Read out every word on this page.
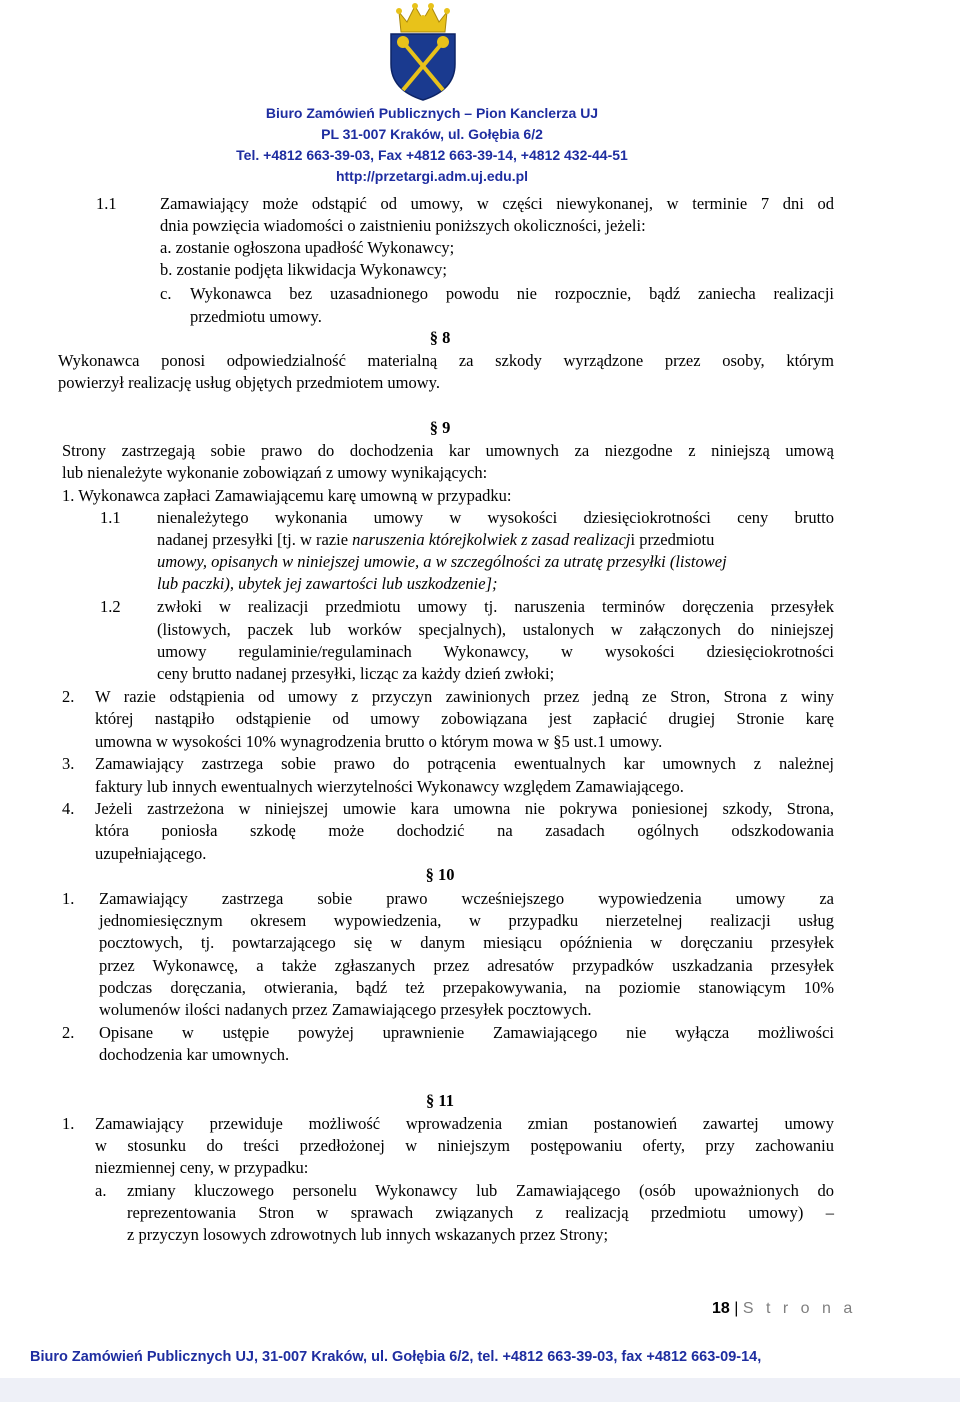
Biuro Zamówień Publicznych – Pion Kanclerza UJ
PL 31-007 Kraków, ul. Gołębia 6/2
Tel. +4812 663-39-03, Fax +4812 663-39-14, +4812 432-44-51
http://przetargi.adm.uj.edu.pl
1.1	Zamawiający może odstąpić od umowy, w części niewykonanej, w terminie 7 dni od
dnia powzięcia wiadomości o zaistnieniu poniższych okoliczności, jeżeli:
a. zostanie ogłoszona upadłość Wykonawcy;
b. zostanie podjęta likwidacja Wykonawcy;
c. Wykonawca bez uzasadnionego powodu nie rozpocznie, bądź zaniecha realizacji
przedmiotu umowy.
§ 8
Wykonawca ponosi odpowiedzialność materialną za szkody wyrządzone przez osoby, którym
powierzył realizację usług objętych przedmiotem umowy.
§ 9
Strony zastrzegają sobie prawo do dochodzenia kar umownych za niezgodne z niniejszą umową
lub nienależyte wykonanie zobowiązań z umowy wynikających:
1. Wykonawca zapłaci Zamawiającemu karę umowną w przypadku:
1.1 nienależytego wykonania umowy w wysokości dziesięciokrotności ceny brutto
nadanej przesyłki [tj. w razie naruszenia którejkolwiek z zasad realizacji przedmiotu
umowy, opisanych w niniejszej umowie, a w szczególności za utratę przesyłki (listowej
lub paczki), ubytek jej zawartości lub uszkodzenie];
1.2 zwłoki w realizacji przedmiotu umowy tj. naruszenia terminów doręczenia przesyłek
(listowych, paczek lub worków specjalnych), ustalonych w załączonych do niniejszej
umowy regulaminie/regulaminach Wykonawcy, w wysokości dziesięciokrotności
ceny brutto nadanej przesyłki, licząc za każdy dzień zwłoki;
2. W razie odstąpienia od umowy z przyczyn zawinionych przez jedną ze Stron, Strona z winy
której nastąpiło odstąpienie od umowy zobowiązana jest zapłacić drugiej Stronie karę
umowna w wysokości 10% wynagrodzenia brutto o którym mowa w §5 ust.1 umowy.
3. Zamawiający zastrzega sobie prawo do potrącenia ewentualnych kar umownych z należnej
faktury lub innych ewentualnych wierzytelności Wykonawcy względem Zamawiającego.
4. Jeżeli zastrzeżona w niniejszej umowie kara umowna nie pokrywa poniesionej szkody, Strona,
która poniosła szkodę może dochodzić na zasadach ogólnych odszkodowania
uzupełniającego.
§ 10
1. Zamawiający zastrzega sobie prawo wcześniejszego wypowiedzenia umowy za
jednomiesięcznym okresem wypowiedzenia, w przypadku nierzetelnej realizacji usług
pocztowych, tj. powtarzającego się w danym miesiącu opóźnienia w doręczaniu przesyłek
przez Wykonawcę, a także zgłaszanych przez adresatów przypadków uszkadzania przesyłek
podczas doręczania, otwierania, bądź też przepakowywania, na poziomie stanowiącym 10%
wolumenów ilości nadanych przez Zamawiającego przesyłek pocztowych.
2. Opisane w ustępie powyżej uprawnienie Zamawiającego nie wyłącza możliwości
dochodzenia kar umownych.
§ 11
1. Zamawiający przewiduje możliwość wprowadzenia zmian postanowień zawartej umowy
w stosunku do treści przedłożonej w niniejszym postępowaniu oferty, przy zachowaniu
niezmiennej ceny, w przypadku:
a. zmiany kluczowego personelu Wykonawcy lub Zamawiającego (osób upoważnionych do
reprezentowania Stron w sprawach związanych z realizacją przedmiotu umowy) –
z przyczyn losowych zdrowotnych lub innych wskazanych przez Strony;
18 | S t r o n a
Biuro Zamówień Publicznych UJ, 31-007 Kraków, ul. Gołębia 6/2, tel. +4812 663-39-03, fax +4812 663-09-14,
